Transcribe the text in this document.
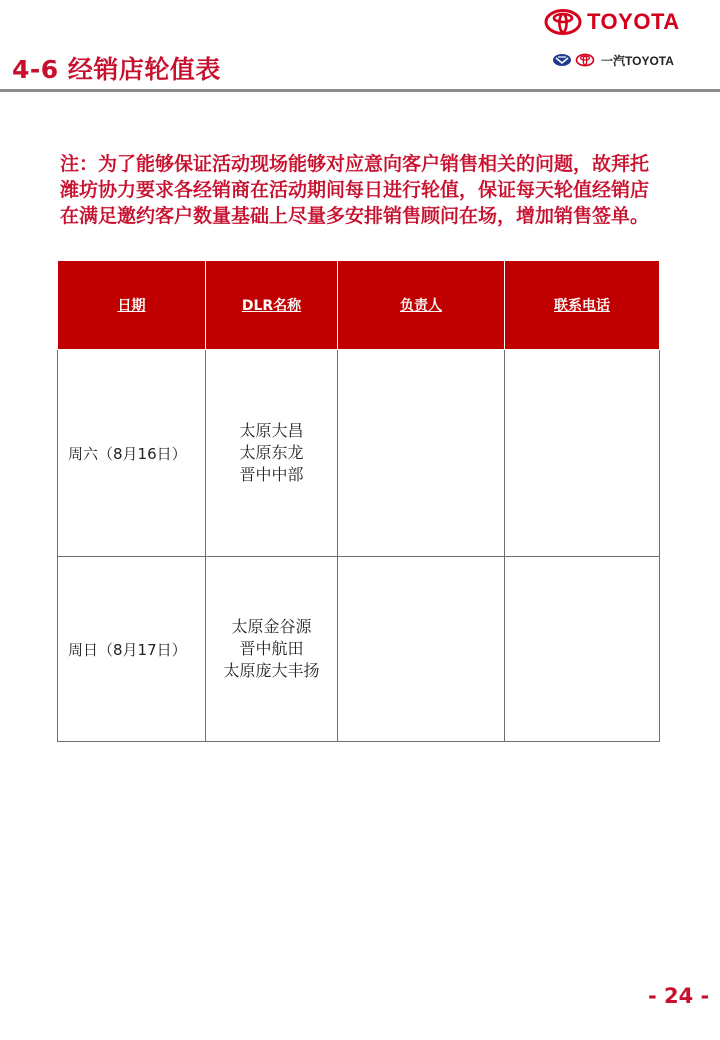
4-6 经销店轮值表
TOYOTA
一汽TOYOTA
注：为了能够保证活动现场能够对应意向客户销售相关的问题，故拜托潍坊协力要求各经销商在活动期间每日进行轮值，保证每天轮值经销店在满足邀约客户数量基础上尽量多安排销售顾问在场，增加销售签单。
日期	DLR名称	负责人	联系电话
周六（8月16日）	太原大昌
太原东龙
晋中中部		

周日（8月17日）	太原金谷源
晋中航田
太原庞大丰扬		

- 24 -
